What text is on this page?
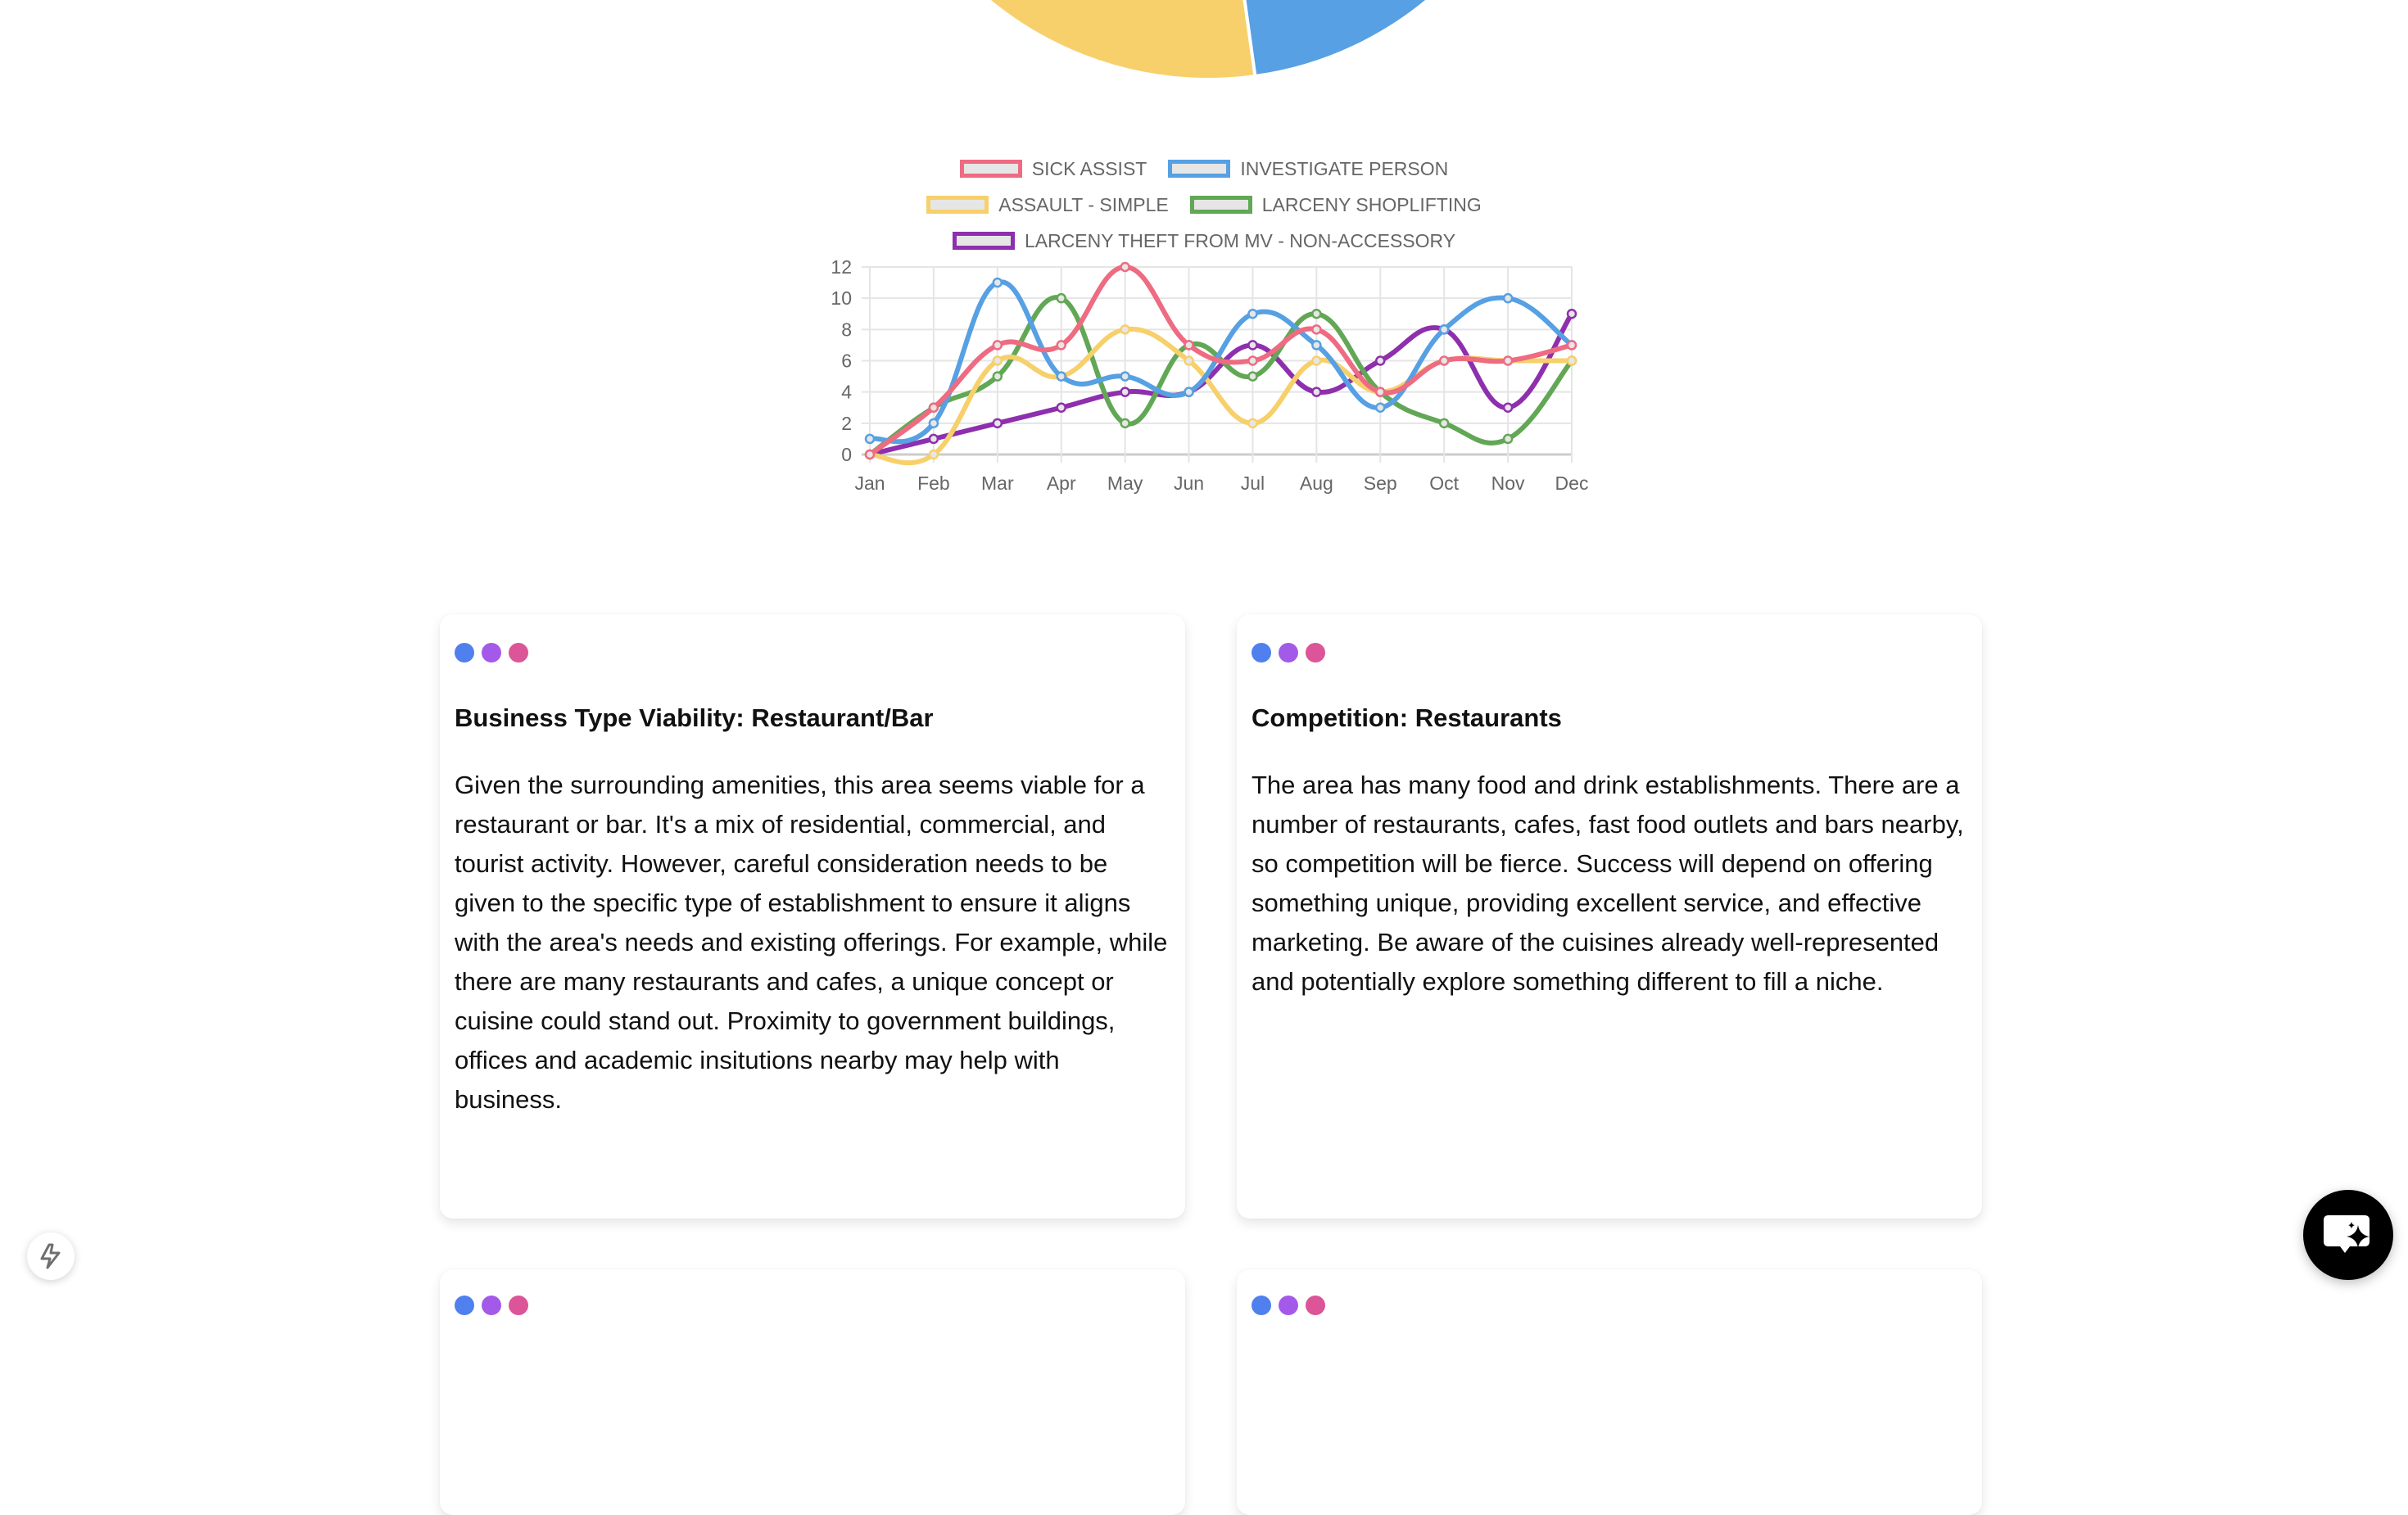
SICK ASSIST	INVESTIGATE PERSON
ASSAULT - SIMPLE	LARCENY SHOPLIFTING
LARCENY THEFT FROM MV - NON-ACCESSORY
0
2
4
6
8
10
12
Jan Feb Mar Apr May Jun Jul Aug Sep Oct Nov Dec
Business Type Viability: Restaurant/Bar
Given the surrounding amenities, this area seems viable for a restaurant or bar. It's a mix of residential, commercial, and tourist activity. However, careful consideration needs to be given to the specific type of establishment to ensure it aligns with the area's needs and existing offerings. For example, while there are many restaurants and cafes, a unique concept or cuisine could stand out. Proximity to government buildings, offices and academic insitutions nearby may help with business.
Competition: Restaurants
The area has many food and drink establishments. There are a number of restaurants, cafes, fast food outlets and bars nearby, so competition will be fierce. Success will depend on offering something unique, providing excellent service, and effective marketing. Be aware of the cuisines already well-represented and potentially explore something different to fill a niche.
